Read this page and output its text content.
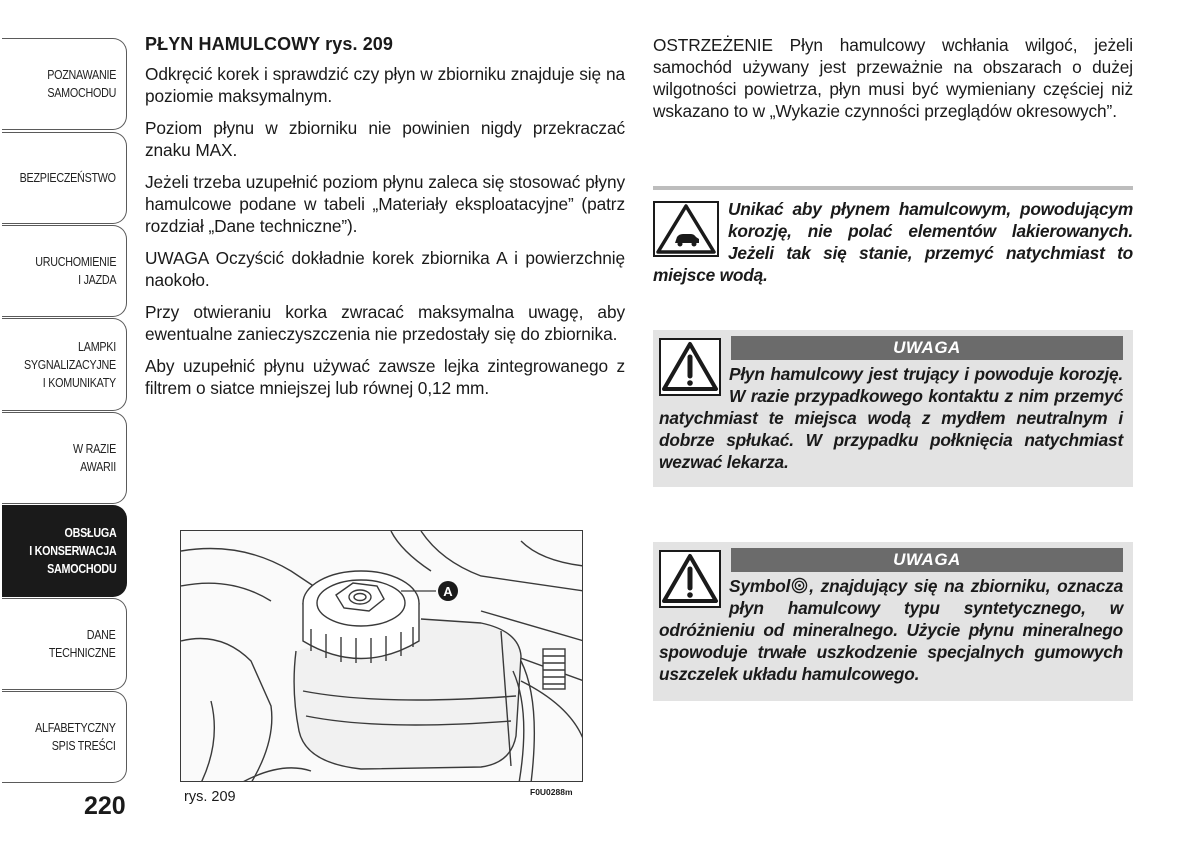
POZNAWANIE
SAMOCHODU
BEZPIECZEŃSTWO
URUCHOMIENIE
I JAZDA
LAMPKI
SYGNALIZACYJNE
I KOMUNIKATY
W RAZIE
AWARII
OBSŁUGA
I KONSERWACJA
SAMOCHODU
DANE
TECHNICZNE
ALFABETYCZNY
SPIS TREŚCI
220
PŁYN HAMULCOWY rys. 209

Odkręcić korek i sprawdzić czy płyn w zbiorniku znajduje się na poziomie maksymalnym.

Poziom płynu w zbiorniku nie powinien nigdy przekraczać znaku MAX.

Jeżeli trzeba uzupełnić poziom płynu zaleca się stosować płyny hamulcowe podane w tabeli „Materiały eksploatacyjne” (patrz rozdział „Dane techniczne”).

UWAGA Oczyścić dokładnie korek zbiornika A i powierzchnię naokoło.

Przy otwieraniu korka zwracać maksymalna uwagę, aby ewentualne zanieczyszczenia nie przedostały się do zbiornika.

Aby uzupełnić płynu używać zawsze lejka zintegrowanego z filtrem o siatce mniejszej lub równej 0,12 mm.

A
rys. 209	F0U0288m

OSTRZEŻENIE Płyn hamulcowy wchłania wilgoć, jeżeli samochód używany jest przeważnie na obszarach o dużej wilgotności powietrza, płyn musi być wymieniany częściej niż wskazano to w „Wykazie czynności przeglądów okresowych”.

Unikać aby płynem hamulcowym, powodującym korozję, nie polać elementów lakierowanych. Jeżeli tak się stanie, przemyć natychmiast to miejsce wodą.

UWAGA

Płyn hamulcowy jest trujący i powoduje korozję. W razie przypadkowego kontaktu z nim przemyć natychmiast te miejsca wodą z mydłem neutralnym i dobrze spłukać. W przypadku połknięcia natychmiast wezwać lekarza.

UWAGA

Symbol , znajdujący się na zbiorniku, oznacza płyn hamulcowy typu syntetycznego, w odróżnieniu od mineralnego. Użycie płynu mineralnego spowoduje trwałe uszkodzenie specjalnych gumowych uszczelek układu hamulcowego.
